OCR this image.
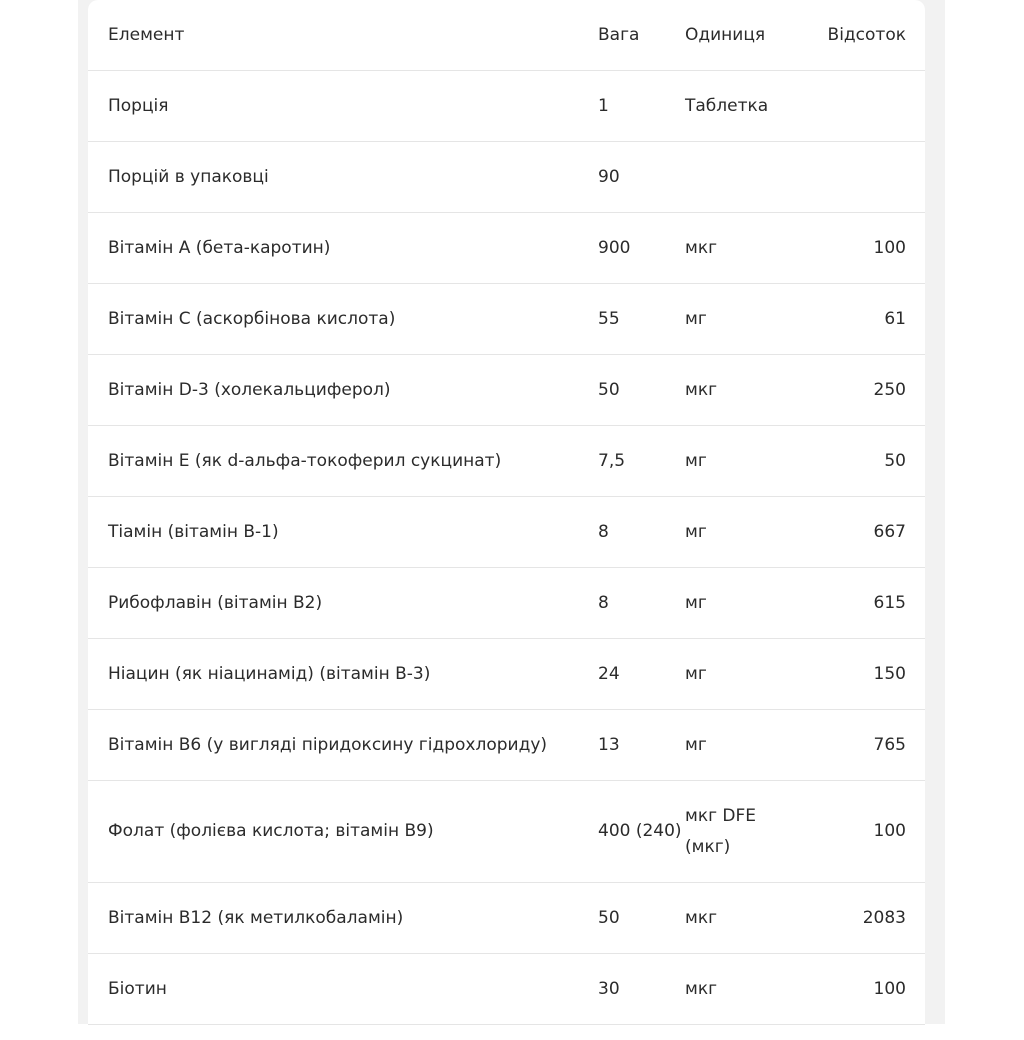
Елемент	Вага	Одиниця	Відсоток
Порція	1	Таблетка	
Порцій в упаковці	90		
Вітамін A (бета-каротин)	900	мкг	100
Вітамін C (аскорбінова кислота)	55	мг	61
Вітамін D-3 (холекальциферол)	50	мкг	250
Вітамін E (як d-альфа-токоферил сукцинат)	7,5	мг	50
Тіамін (вітамін B-1)	8	мг	667
Рибофлавін (вітамін B2)	8	мг	615
Ніацин (як ніацинамід) (вітамін B-3)	24	мг	150
Вітамін B6 (у вигляді піридоксину гідрохлориду)	13	мг	765
Фолат (фолієва кислота; вітамін B9)	400 (240)	мкг DFE (мкг)	100
Вітамін B12 (як метилкобаламін)	50	мкг	2083
Біотин	30	мкг	100
